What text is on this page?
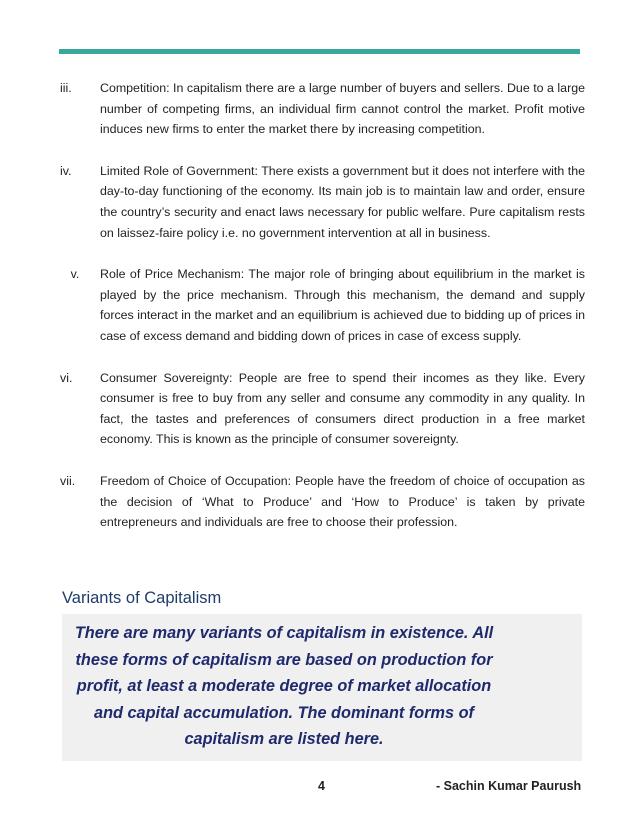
iii.	Competition: In capitalism there are a large number of buyers and sellers. Due to a large number of competing firms, an individual firm cannot control the market. Profit motive induces new firms to enter the market there by increasing competition.
iv.	Limited Role of Government: There exists a government but it does not interfere with the day-to-day functioning of the economy. Its main job is to maintain law and order, ensure the country’s security and enact laws necessary for public welfare. Pure capitalism rests on laissez-faire policy i.e. no government intervention at all in business.
v.	Role of Price Mechanism: The major role of bringing about equilibrium in the market is played by the price mechanism. Through this mechanism, the demand and supply forces interact in the market and an equilibrium is achieved due to bidding up of prices in case of excess demand and bidding down of prices in case of excess supply.
vi.	Consumer Sovereignty: People are free to spend their incomes as they like. Every consumer is free to buy from any seller and consume any commodity in any quality. In fact, the tastes and preferences of consumers direct production in a free market economy. This is known as the principle of consumer sovereignty.
vii.	Freedom of Choice of Occupation: People have the freedom of choice of occupation as the decision of ‘What to Produce’ and ‘How to Produce’ is taken by private entrepreneurs and individuals are free to choose their profession.
Variants of Capitalism
There are many variants of capitalism in existence. All these forms of capitalism are based on production for profit, at least a moderate degree of market allocation and capital accumulation. The dominant forms of capitalism are listed here.
4	- Sachin Kumar Paurush
